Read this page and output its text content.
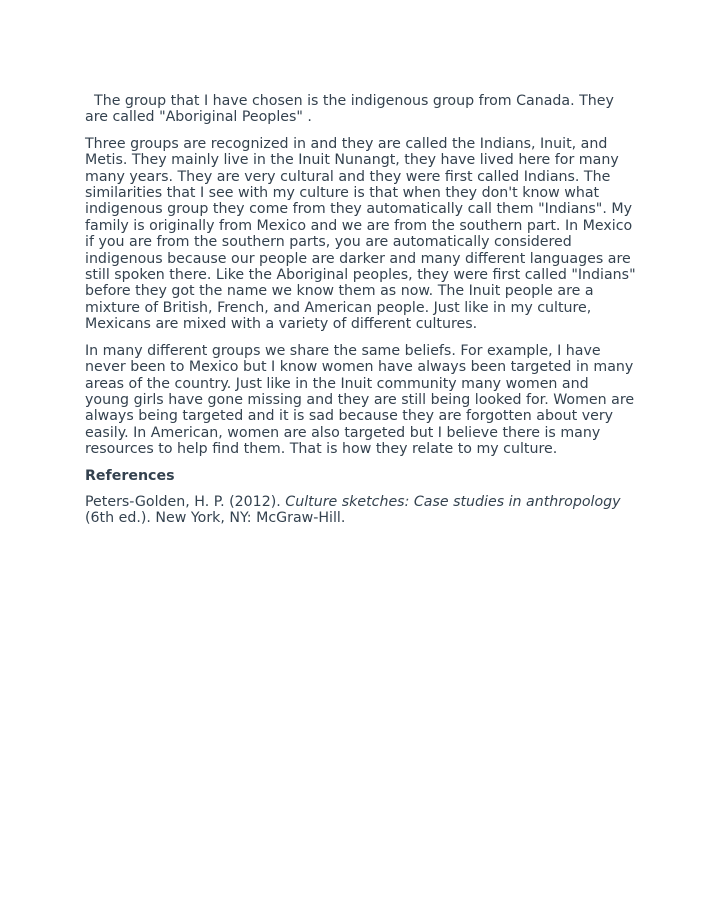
The group that I have chosen is the indigenous group from Canada. They are called "Aboriginal Peoples" .

Three groups are recognized in and they are called the Indians, Inuit, and Metis. They mainly live in the Inuit Nunangt, they have lived here for many many years. They are very cultural and they were first called Indians. The similarities that I see with my culture is that when they don't know what indigenous group they come from they automatically call them "Indians". My family is originally from Mexico and we are from the southern part. In Mexico if you are from the southern parts, you are automatically considered indigenous because our people are darker and many different languages are still spoken there. Like the Aboriginal peoples, they were first called "Indians" before they got the name we know them as now. The Inuit people are a mixture of British, French, and American people. Just like in my culture, Mexicans are mixed with a variety of different cultures.

In many different groups we share the same beliefs. For example, I have never been to Mexico but I know women have always been targeted in many areas of the country. Just like in the Inuit community many women and young girls have gone missing and they are still being looked for. Women are always being targeted and it is sad because they are forgotten about very easily. In American, women are also targeted but I believe there is many resources to help find them. That is how they relate to my culture.

References

Peters-Golden, H. P. (2012). Culture sketches: Case studies in anthropology (6th ed.). New York, NY: McGraw-Hill.
